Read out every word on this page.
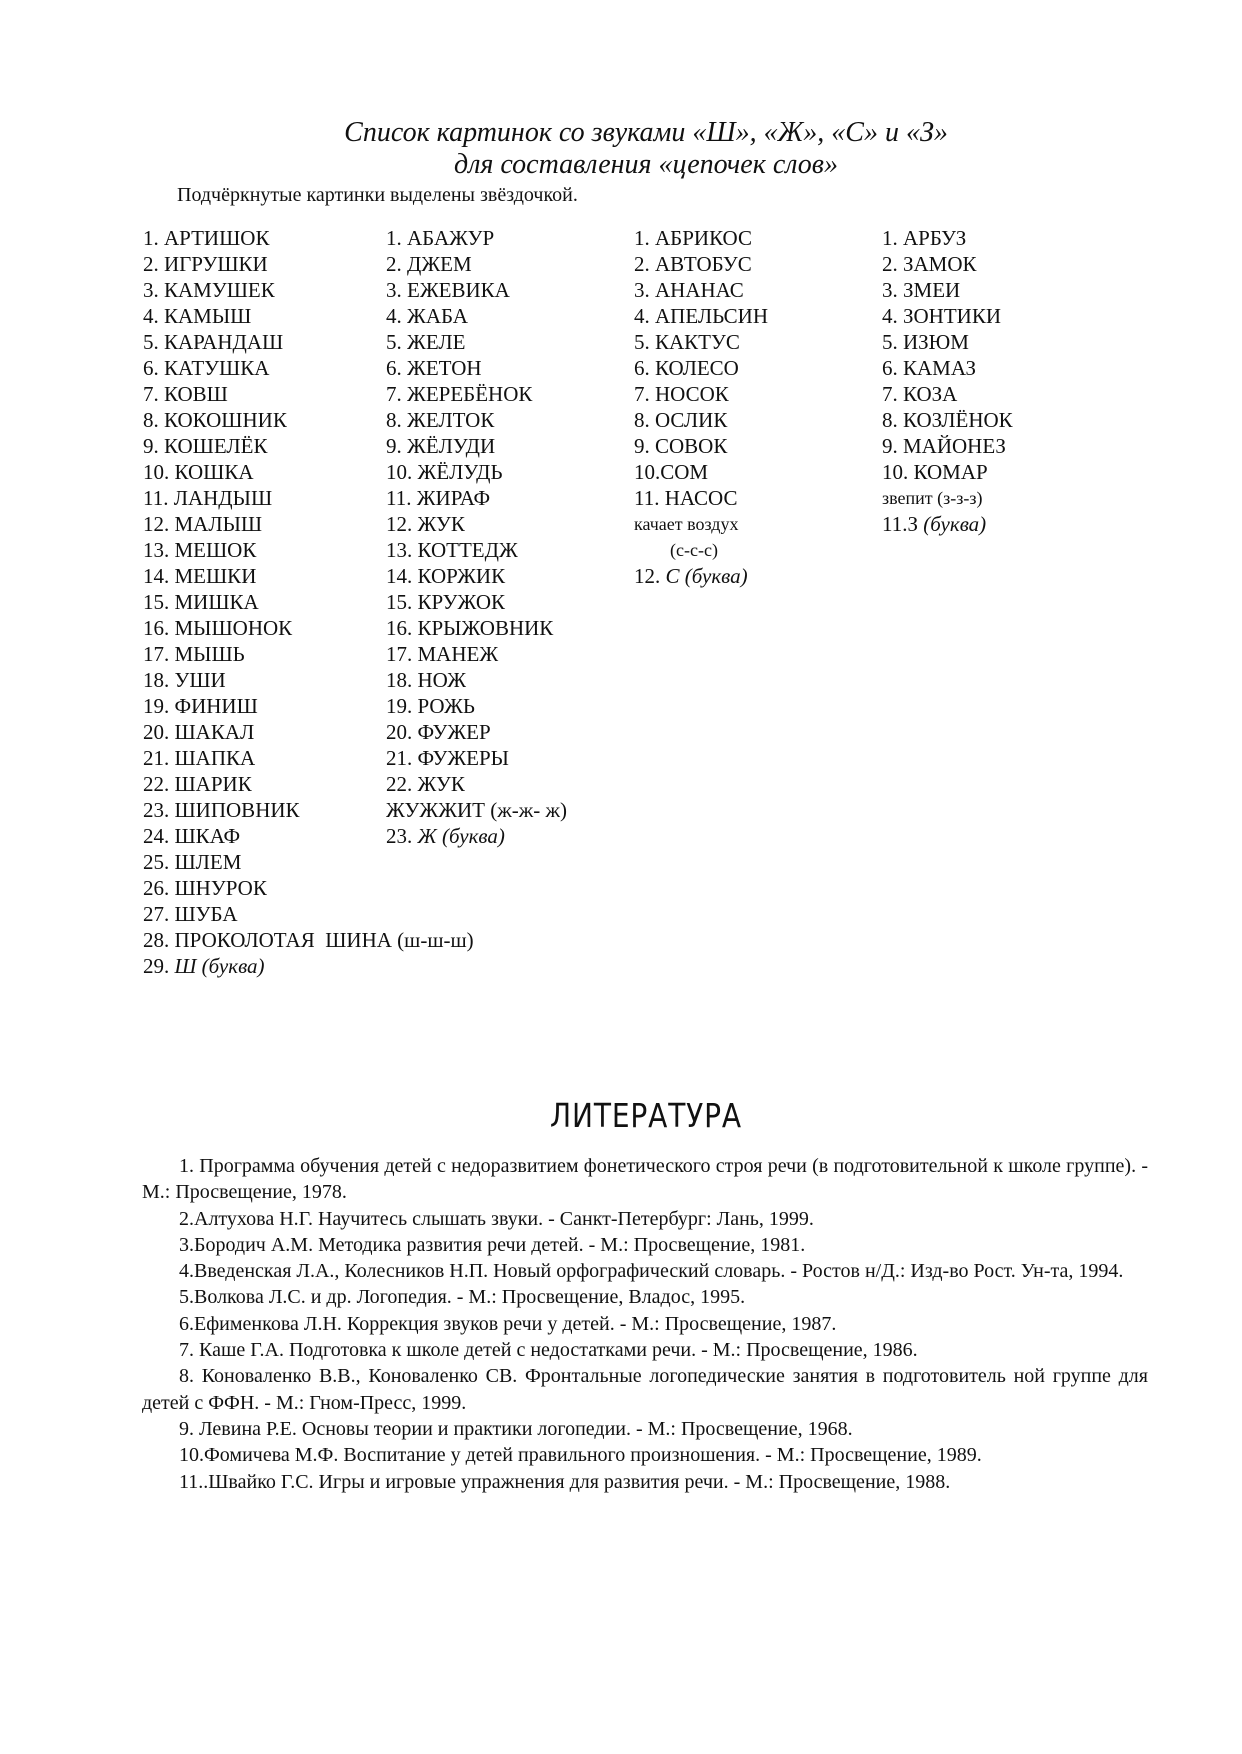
Список картинок со звуками «Ш», «Ж», «С» и «З»
для составления «цепочек слов»
Подчёркнутые картинки выделены звёздочкой.
1. АРТИШОК
2. ИГРУШКИ
3. КАМУШЕК
4. КАМЫШ
5. КАРАНДАШ
6. КАТУШКА
7. КОВШ
8. КОКОШНИК
9. КОШЕЛЁК
10. КОШКА
11. ЛАНДЫШ
12. МАЛЫШ
13. МЕШОК
14. МЕШКИ
15. МИШКА
16. МЫШОНОК
17. МЫШЬ
18. УШИ
19. ФИНИШ
20. ШАКАЛ
21. ШАПКА
22. ШАРИК
23. ШИПОВНИК
24. ШКАФ
25. ШЛЕМ
26. ШНУРОК
27. ШУБА
28. ПРОКОЛОТАЯ  ШИНА (ш-ш-ш)
29. Ш (буква)
1. АБАЖУР
2. ДЖЕМ
3. ЕЖЕВИКА
4. ЖАБА
5. ЖЕЛЕ
6. ЖЕТОН
7. ЖЕРЕБЁНОК
8. ЖЕЛТОК
9. ЖЁЛУДИ
10. ЖЁЛУДЬ
11. ЖИРАФ
12. ЖУК
13. КОТТЕДЖ
14. КОРЖИК
15. КРУЖОК
16. КРЫЖОВНИК
17. МАНЕЖ
18. НОЖ
19. РОЖЬ
20. ФУЖЕР
21. ФУЖЕРЫ
22. ЖУК
ЖУЖЖИТ (ж-ж- ж)
23. Ж (буква)
1. АБРИКОС
2. АВТОБУС
3. АНАНАС
4. АПЕЛЬСИН
5. КАКТУС
6. КОЛЕСО
7. НОСОК
8. ОСЛИК
9. СОВОК
10.СОМ
11. НАСОС
качает воздух
(с-с-с)
12. С (буква)
1. АРБУЗ
2. ЗАМОК
3. ЗМЕИ
4. ЗОНТИКИ
5. ИЗЮМ
6. КАМАЗ
7. КОЗА
8. КОЗЛЁНОК
9. МАЙОНЕЗ
10. КОМАР
звепит (з-з-з)
11.З (буква)
ЛИТЕРАТУРА

1. Программа обучения детей с недоразвитием фонетического строя речи (в подготовительной к школе группе). - М.: Просвещение, 1978.

2.Алтухова Н.Г. Научитесь слышать звуки. - Санкт-Петербург: Лань, 1999.

3.Бородич А.М. Методика развития речи детей. - М.: Просвещение, 1981.

4.Введенская Л.А., Колесников Н.П. Новый орфографический словарь. - Ростов н/Д.: Изд-во Рост. Ун-та, 1994.

5.Волкова Л.С. и др. Логопедия. - М.: Просвещение, Владос, 1995.

6.Ефименкова Л.Н. Коррекция звуков речи у детей. - М.: Просвещение, 1987.

7. Каше Г.А. Подготовка к школе детей с недостатками речи. - М.: Просвещение, 1986.

8. Коноваленко В.В., Коноваленко СВ. Фронтальные логопедические занятия в подготовитель ной группе для детей с ФФН. - М.: Гном-Пресс, 1999.

9. Левина Р.Е. Основы теории и практики логопедии. - М.: Просвещение, 1968.

10.Фомичева М.Ф. Воспитание у детей правильного произношения. - М.: Просвещение, 1989.

11..Швайко Г.С. Игры и игровые упражнения для развития речи. - М.: Просвещение, 1988.
